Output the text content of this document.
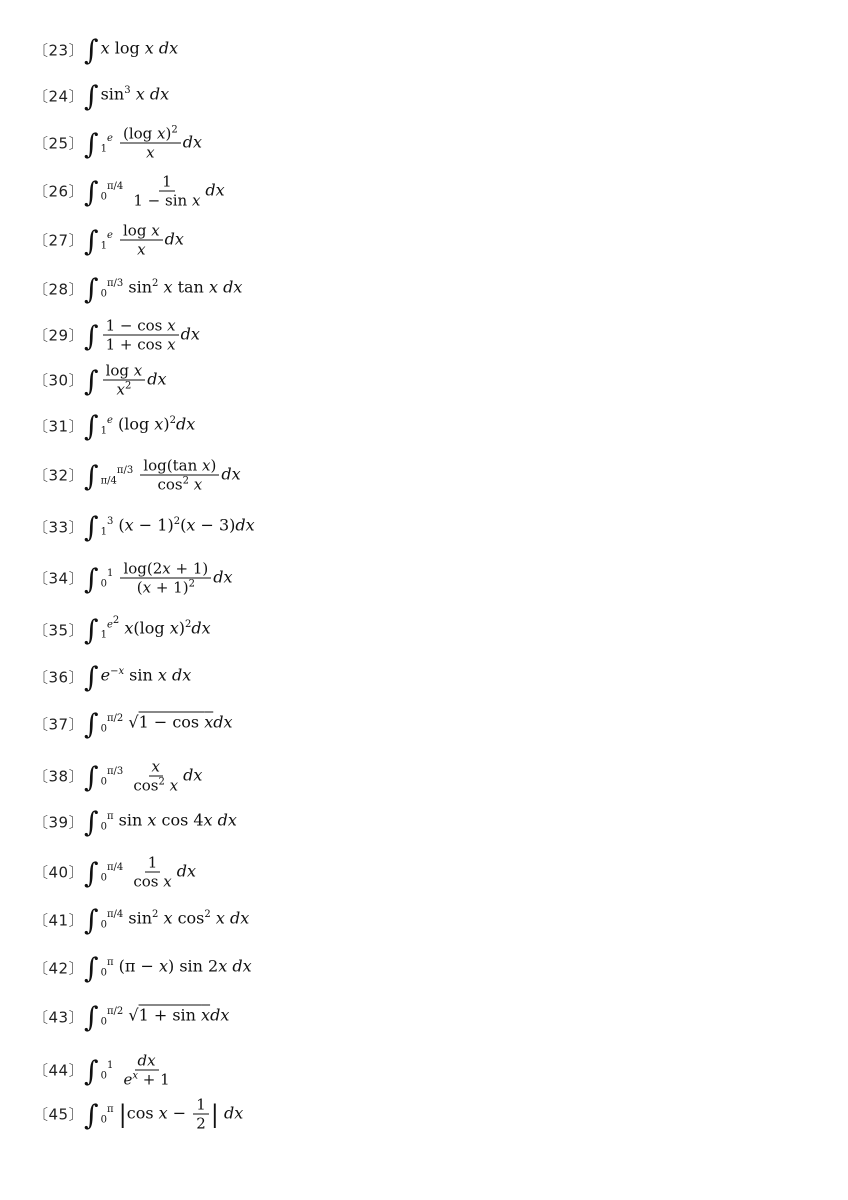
〔23〕 ∫ x log x dx
〔24〕 ∫ $\sin^3 x$ dx
〔25〕 ∫ $_1^e \frac{(\log x)^2}{x}$ dx
〔26〕 ∫ $_0^{\pi/4} \frac{1}{\text{1 − sin x}}$ dx
〔27〕 ∫ $_1^e \frac{\text{log x}}{x}$ dx
〔28〕 ∫ $_0^{\pi/3}$ $\sin^2 x$ tan x dx
〔29〕 ∫ $\frac{\text{1 − cos x}}{\text{1 + cos x}}$ dx
〔30〕 ∫ $\frac{\text{log x}}{x^2}$ dx
〔31〕 ∫ $_1^e$ (log x)$^2$dx
〔32〕 ∫ $_{\pi/4}^{\pi/3} \frac{\text{log(tan x)}}{\cos^2 x}$ dx
〔33〕 ∫ $_1^3$ $(x - 1)^2(x - 3)dx$
〔34〕 ∫ $_0^1 \frac{\log(2x + 1)}{(x + 1)^2}$ dx
〔35〕 ∫ $_1^{e^2}$ x(log x)$^2$dx
〔36〕 ∫ $e^{-x}$ sin x dx
〔37〕 ∫ $_0^{\pi/2}$ √1 − cos xdx
〔38〕 ∫ $_0^{\pi/3} \frac{x}{\cos^2 x}$ dx
〔39〕 ∫ $_0^\pi$ sin x cos 4x dx
〔40〕 ∫ $_0^{\pi/4} \frac{1}{\text{cos x}}$ dx
〔41〕 ∫ $_0^{\pi/4}$ $\sin^2 x$ $\cos^2 x$ dx
〔42〕 ∫ $_0^\pi$ (π − x) sin 2x dx
〔43〕 ∫ $_0^{\pi/2}$ √1 + sin xdx
〔44〕 ∫ $_0^1 \frac{dx}{e^x + 1}$
〔45〕 ∫ $_0^\pi$ |cos $x - \frac{1}{2}$ | dx
